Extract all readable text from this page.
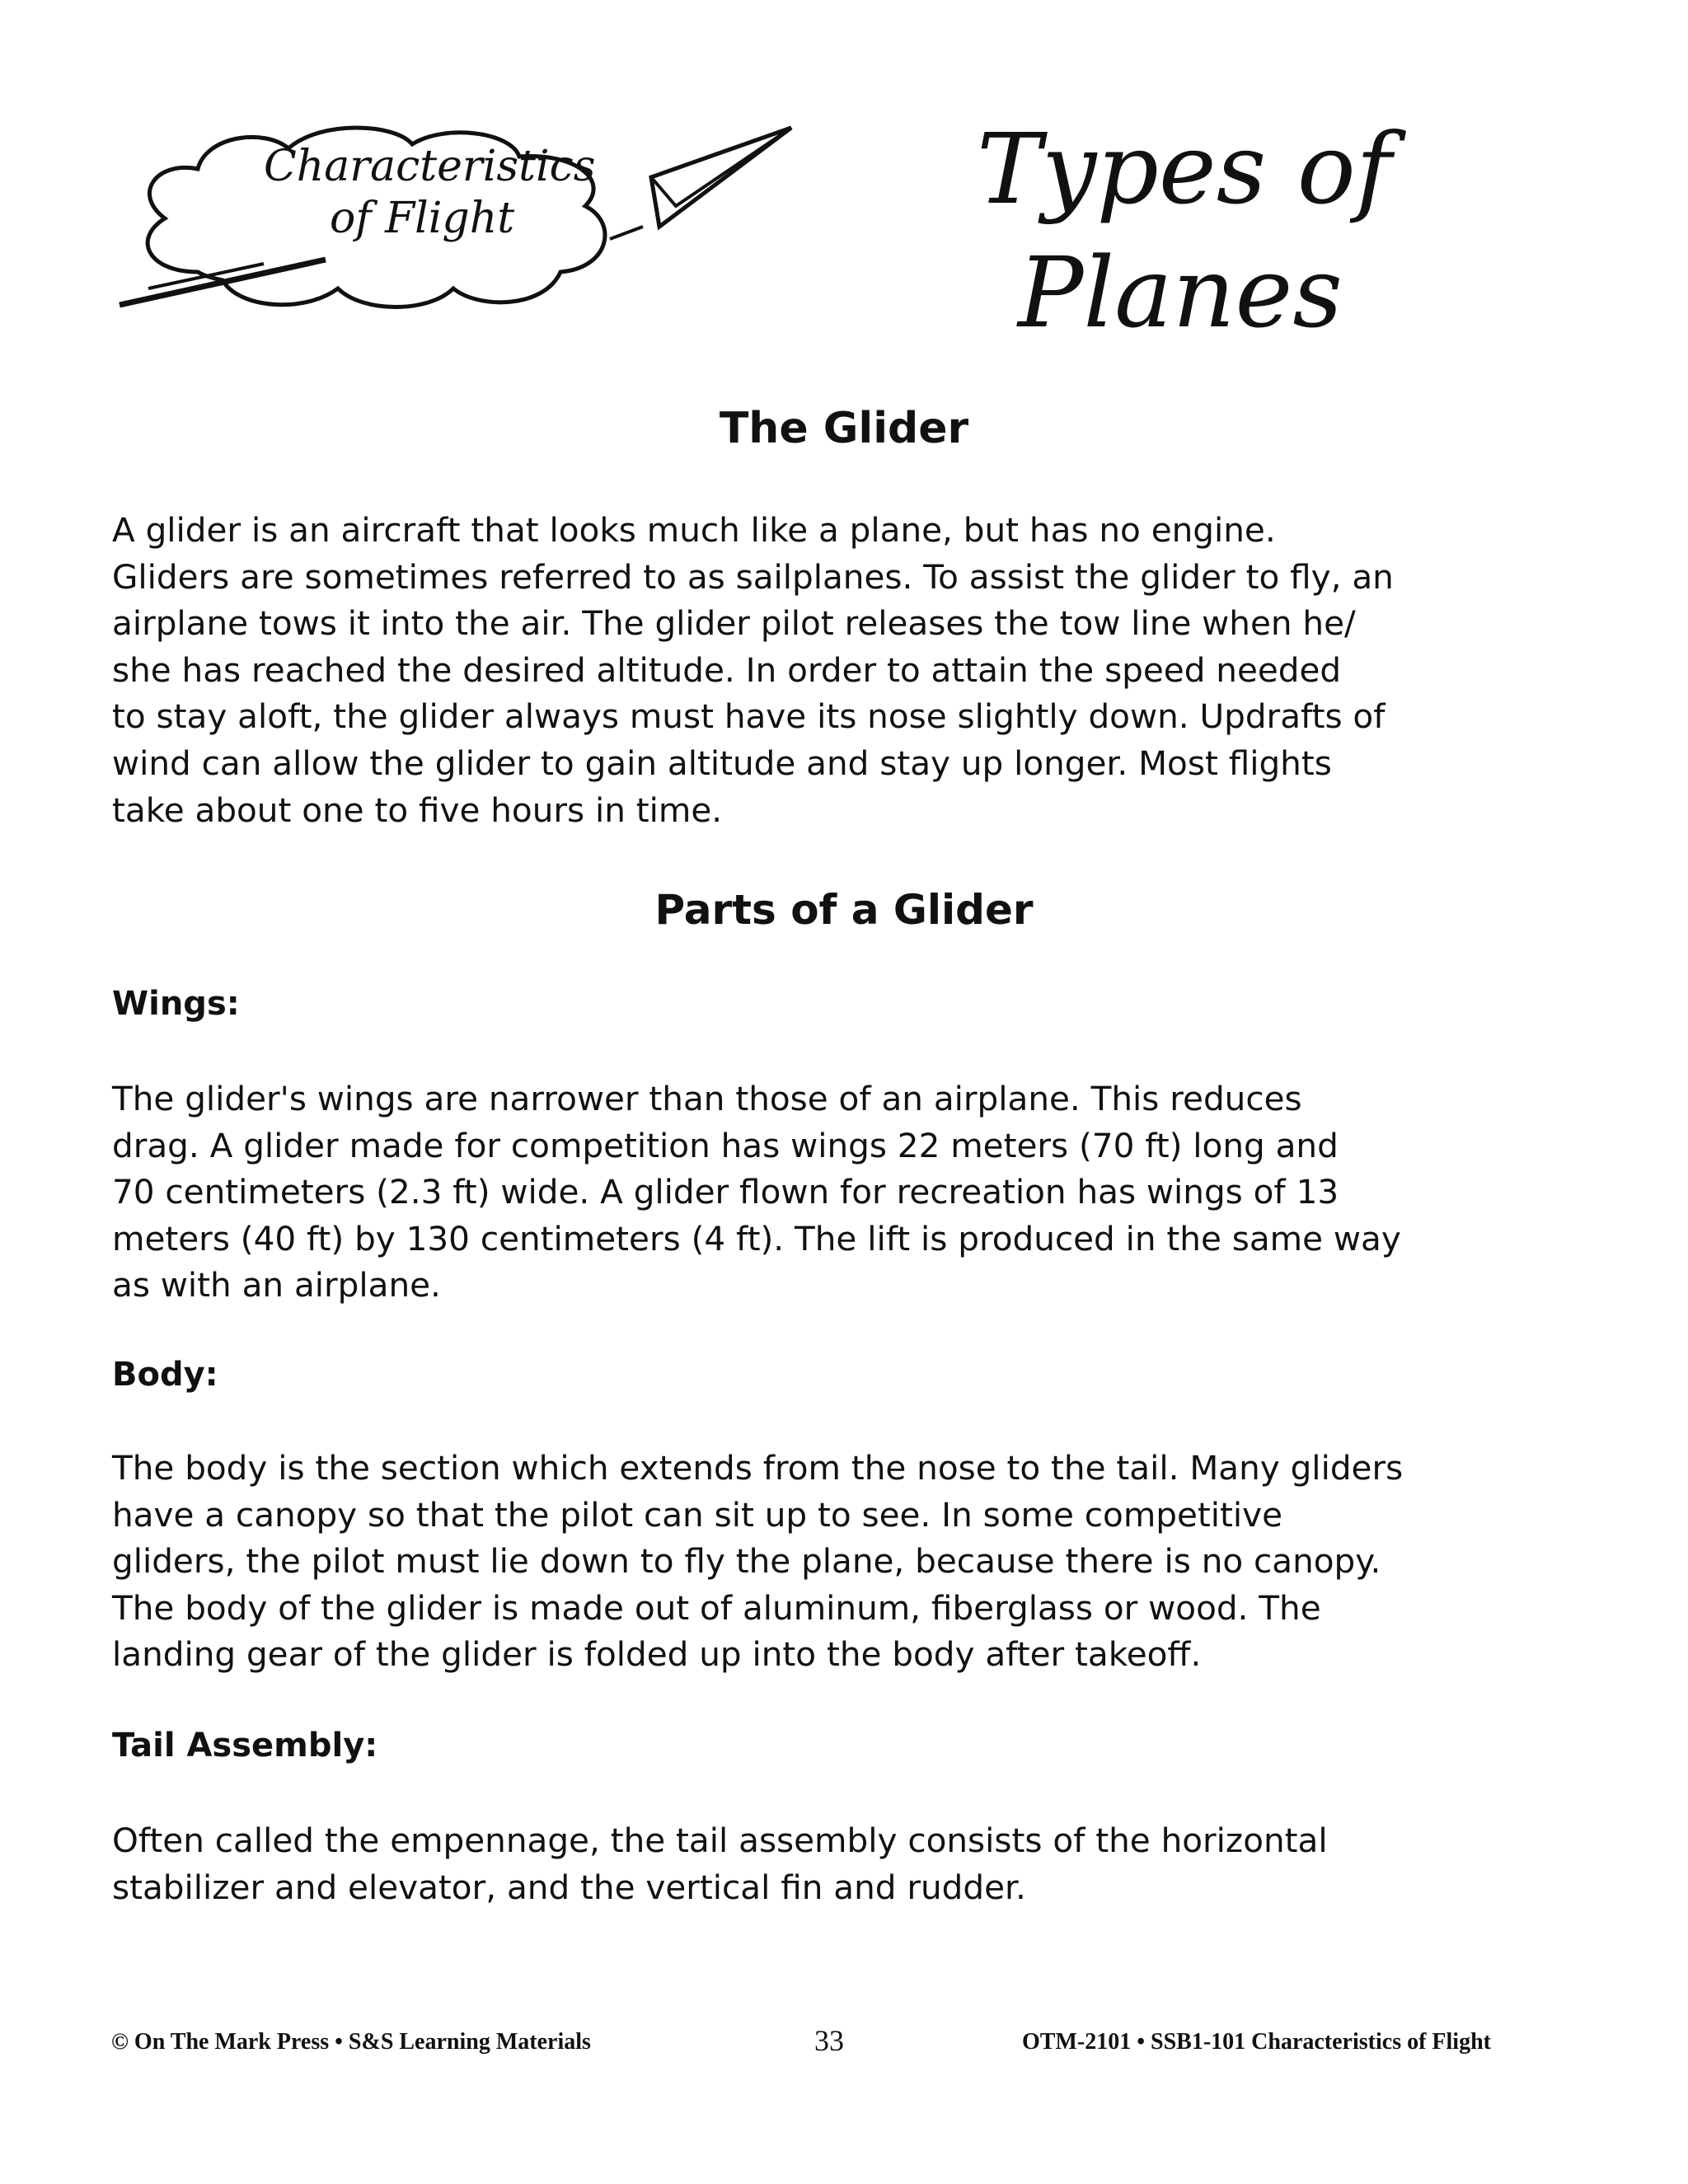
Characteristics
of Flight	Types of
Planes
The Glider
A glider is an aircraft that looks much like a plane, but has no engine.
Gliders are sometimes referred to as sailplanes. To assist the glider to fly, an
airplane tows it into the air. The glider pilot releases the tow line when he/
she has reached the desired altitude. In order to attain the speed needed
to stay aloft, the glider always must have its nose slightly down. Updrafts of
wind can allow the glider to gain altitude and stay up longer. Most flights
take about one to five hours in time.
Parts of a Glider
Wings:
The glider's wings are narrower than those of an airplane. This reduces
drag. A glider made for competition has wings 22 meters (70 ft) long and
70 centimeters (2.3 ft) wide. A glider flown for recreation has wings of 13
meters (40 ft) by 130 centimeters (4 ft). The lift is produced in the same way
as with an airplane.
Body:
The body is the section which extends from the nose to the tail. Many gliders
have a canopy so that the pilot can sit up to see. In some competitive
gliders, the pilot must lie down to fly the plane, because there is no canopy.
The body of the glider is made out of aluminum, fiberglass or wood. The
landing gear of the glider is folded up into the body after takeoff.
Tail Assembly:
Often called the empennage, the tail assembly consists of the horizontal
stabilizer and elevator, and the vertical fin and rudder.
© On The Mark Press • S&S Learning Materials	33	OTM-2101 • SSB1-101 Characteristics of Flight
